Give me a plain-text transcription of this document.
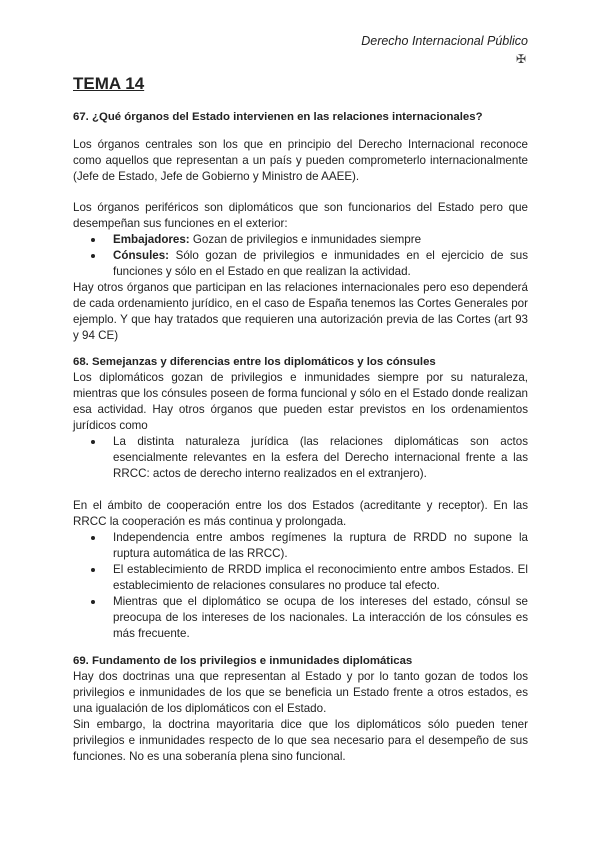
Derecho Internacional Público
✠
TEMA 14

67. ¿Qué órganos del Estado intervienen en las relaciones internacionales?

Los órganos centrales son los que en principio del Derecho Internacional reconoce como aquellos que representan a un país y pueden comprometerlo internacionalmente (Jefe de Estado, Jefe de Gobierno y Ministro de AAEE).

Los órganos periféricos son diplomáticos que son funcionarios del Estado pero que desempeñan sus funciones en el exterior:

Embajadores: Gozan de privilegios e inmunidades siempre
Cónsules: Sólo gozan de privilegios e inmunidades en el ejercicio de sus funciones y sólo en el Estado en que realizan la actividad.

Hay otros órganos que participan en las relaciones internacionales pero eso dependerá de cada ordenamiento jurídico, en el caso de España tenemos las Cortes Generales por ejemplo. Y que hay tratados que requieren una autorización previa de las Cortes (art 93 y 94 CE)

68. Semejanzas y diferencias entre los diplomáticos y los cónsules

Los diplomáticos gozan de privilegios e inmunidades siempre por su naturaleza, mientras que los cónsules poseen de forma funcional y sólo en el Estado donde realizan esa actividad. Hay otros órganos que pueden estar previstos en los ordenamientos jurídicos como

La distinta naturaleza jurídica (las relaciones diplomáticas son actos esencialmente relevantes en la esfera del Derecho internacional frente a las RRCC: actos de derecho interno realizados en el extranjero).

En el ámbito de cooperación entre los dos Estados (acreditante y receptor). En las RRCC la cooperación es más continua y prolongada.

Independencia entre ambos regímenes la ruptura de RRDD no supone la ruptura automática de las RRCC).
El establecimiento de RRDD implica el reconocimiento entre ambos Estados. El establecimiento de relaciones consulares no produce tal efecto.
Mientras que el diplomático se ocupa de los intereses del estado, cónsul se preocupa de los intereses de los nacionales. La interacción de los cónsules es más frecuente.

69. Fundamento de los privilegios e inmunidades diplomáticas

Hay dos doctrinas una que representan al Estado y por lo tanto gozan de todos los privilegios e inmunidades de los que se beneficia un Estado frente a otros estados, es una igualación de los diplomáticos con el Estado.

Sin embargo, la doctrina mayoritaria dice que los diplomáticos sólo pueden tener privilegios e inmunidades respecto de lo que sea necesario para el desempeño de sus funciones. No es una soberanía plena sino funcional.
